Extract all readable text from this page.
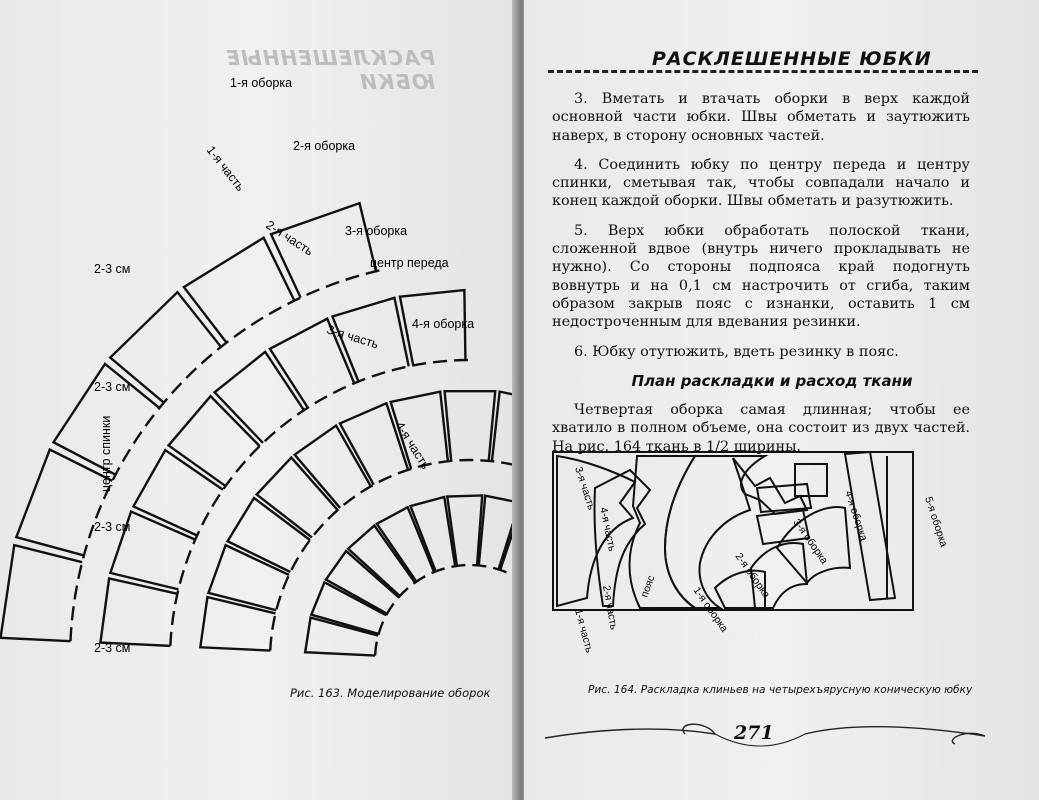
РАСКЛЕШЕННЫЕ ЮБКИ
1-я оборка
2-я оборка
3-я оборка
4-я оборка
центр переда
1-я часть
2-я часть
3-я часть
4-я часть
центр спинки
2-3 см
2-3 см
2-3 см
2-3 см
Рис. 163. Моделирование оборок
РАСКЛЕШЕННЫЕ ЮБКИ

3. Вметать и втачать оборки в верх каждой основной части юбки. Швы обметать и заутюжить наверх, в сторону основных частей.

4. Соединить юбку по центру переда и центру спинки, сметывая так, чтобы совпадали начало и конец каждой оборки. Швы обметать и разутюжить.

5. Верх юбки обработать полоской ткани, сложенной вдвое (внутрь ничего прокладывать не нужно). Со стороны подпояса край подогнуть вовнутрь и на 0,1 см настрочить от сгиба, таким образом закрыв пояс с изнанки, оставить 1 см недостроченным для вдевания резинки.

6. Юбку отутюжить, вдеть резинку в пояс.

План раскладки и расход ткани

Четвертая оборка самая длинная; чтобы ее хватило в полном объеме, она состоит из двух частей. На рис. 164 ткань в 1/2 ширины.

3-я часть
4-я часть
2-я часть
1-я часть
пояс	1-я оборка
2-я оборка
3-я оборка 4-я оборка	5-я оборка
Рис. 164. Раскладка клиньев на четырехъярусную коническую юбку
271
